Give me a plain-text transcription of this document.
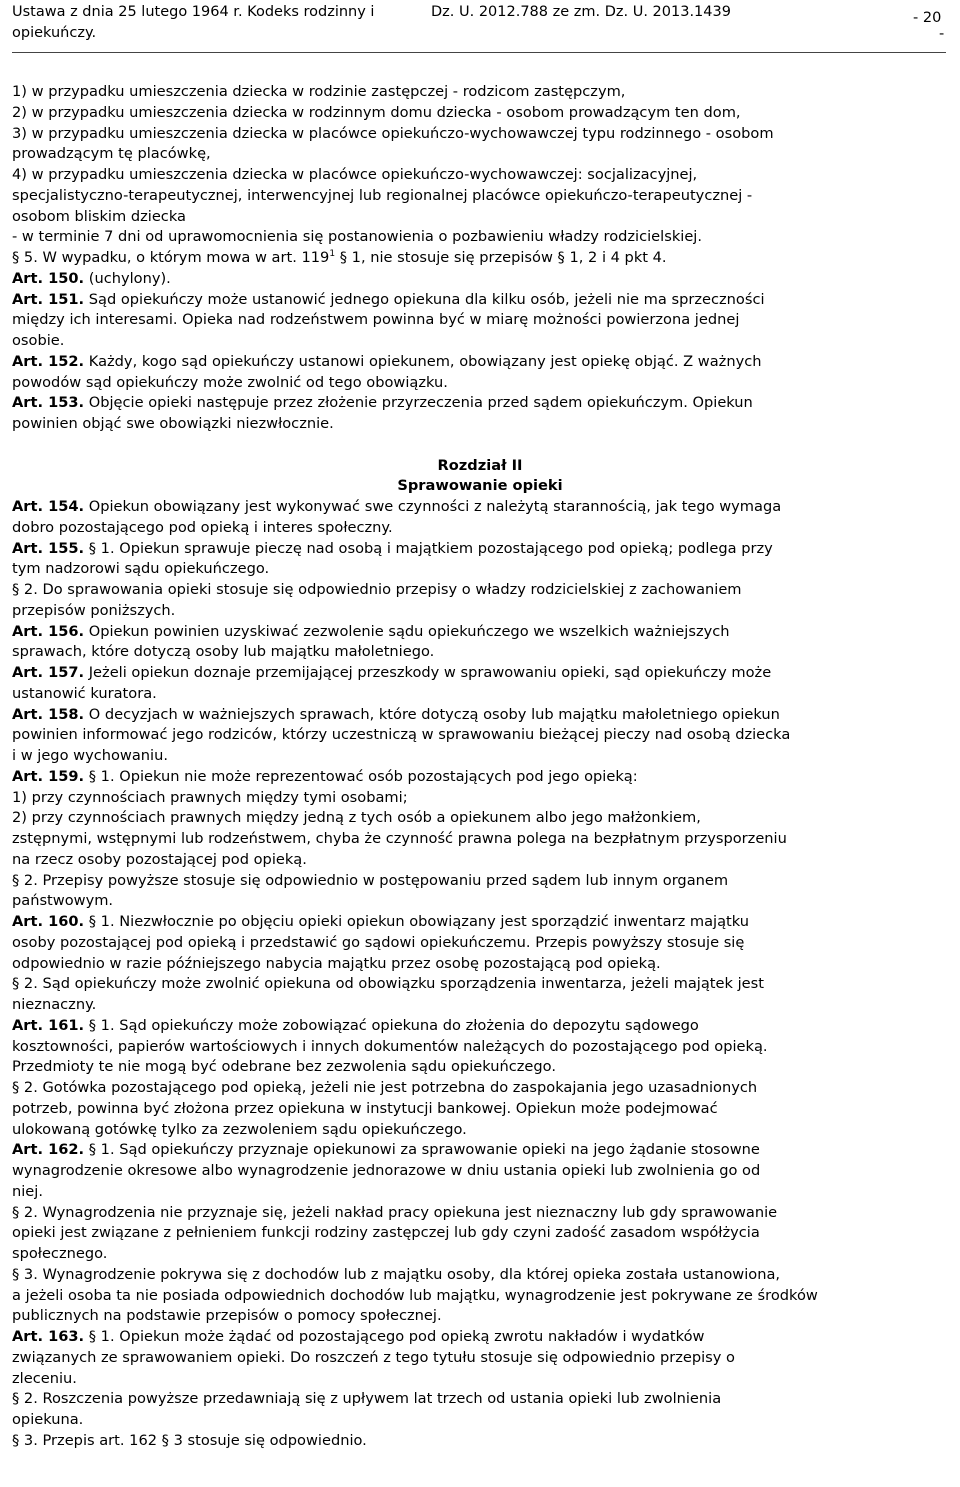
Ustawa z dnia 25 lutego 1964 r. Kodeks rodzinny i
opiekuńczy.
Dz. U. 2012.788 ze zm. Dz. U. 2013.1439	- 20
-
1) w przypadku umieszczenia dziecka w rodzinie zastępczej - rodzicom zastępczym,
2) w przypadku umieszczenia dziecka w rodzinnym domu dziecka - osobom prowadzącym ten dom,
3) w przypadku umieszczenia dziecka w placówce opiekuńczo-wychowawczej typu rodzinnego - osobom
prowadzącym tę placówkę,
4) w przypadku umieszczenia dziecka w placówce opiekuńczo-wychowawczej: socjalizacyjnej,
specjalistyczno-terapeutycznej, interwencyjnej lub regionalnej placówce opiekuńczo-terapeutycznej -
osobom bliskim dziecka
- w terminie 7 dni od uprawomocnienia się postanowienia o pozbawieniu władzy rodzicielskiej.
§ 5. W wypadku, o którym mowa w art. $119^1$ § 1, nie stosuje się przepisów § 1, 2 i 4 pkt 4.
Art. 150. (uchylony).
Art. 151. Sąd opiekuńczy może ustanowić jednego opiekuna dla kilku osób, jeżeli nie ma sprzeczności
między ich interesami. Opieka nad rodzeństwem powinna być w miarę możności powierzona jednej
osobie.
Art. 152. Każdy, kogo sąd opiekuńczy ustanowi opiekunem, obowiązany jest opiekę objąć. Z ważnych
powodów sąd opiekuńczy może zwolnić od tego obowiązku.
Art. 153. Objęcie opieki następuje przez złożenie przyrzeczenia przed sądem opiekuńczym. Opiekun
powinien objąć swe obowiązki niezwłocznie.
Rozdział II
Sprawowanie opieki
Art. 154. Opiekun obowiązany jest wykonywać swe czynności z należytą starannością, jak tego wymaga
dobro pozostającego pod opieką i interes społeczny.
Art. 155. § 1. Opiekun sprawuje pieczę nad osobą i majątkiem pozostającego pod opieką; podlega przy
tym nadzorowi sądu opiekuńczego.
§ 2. Do sprawowania opieki stosuje się odpowiednio przepisy o władzy rodzicielskiej z zachowaniem
przepisów poniższych.
Art. 156. Opiekun powinien uzyskiwać zezwolenie sądu opiekuńczego we wszelkich ważniejszych
sprawach, które dotyczą osoby lub majątku małoletniego.
Art. 157. Jeżeli opiekun doznaje przemijającej przeszkody w sprawowaniu opieki, sąd opiekuńczy może
ustanowić kuratora.
Art. 158. O decyzjach w ważniejszych sprawach, które dotyczą osoby lub majątku małoletniego opiekun
powinien informować jego rodziców, którzy uczestniczą w sprawowaniu bieżącej pieczy nad osobą dziecka
i w jego wychowaniu.
Art. 159. § 1. Opiekun nie może reprezentować osób pozostających pod jego opieką:
1) przy czynnościach prawnych między tymi osobami;
2) przy czynnościach prawnych między jedną z tych osób a opiekunem albo jego małżonkiem,
zstępnymi, wstępnymi lub rodzeństwem, chyba że czynność prawna polega na bezpłatnym przysporzeniu
na rzecz osoby pozostającej pod opieką.
§ 2. Przepisy powyższe stosuje się odpowiednio w postępowaniu przed sądem lub innym organem
państwowym.
Art. 160. § 1. Niezwłocznie po objęciu opieki opiekun obowiązany jest sporządzić inwentarz majątku
osoby pozostającej pod opieką i przedstawić go sądowi opiekuńczemu. Przepis powyższy stosuje się
odpowiednio w razie późniejszego nabycia majątku przez osobę pozostającą pod opieką.
§ 2. Sąd opiekuńczy może zwolnić opiekuna od obowiązku sporządzenia inwentarza, jeżeli majątek jest
nieznaczny.
Art. 161. § 1. Sąd opiekuńczy może zobowiązać opiekuna do złożenia do depozytu sądowego
kosztowności, papierów wartościowych i innych dokumentów należących do pozostającego pod opieką.
Przedmioty te nie mogą być odebrane bez zezwolenia sądu opiekuńczego.
§ 2. Gotówka pozostającego pod opieką, jeżeli nie jest potrzebna do zaspokajania jego uzasadnionych
potrzeb, powinna być złożona przez opiekuna w instytucji bankowej. Opiekun może podejmować
ulokowaną gotówkę tylko za zezwoleniem sądu opiekuńczego.
Art. 162. § 1. Sąd opiekuńczy przyznaje opiekunowi za sprawowanie opieki na jego żądanie stosowne
wynagrodzenie okresowe albo wynagrodzenie jednorazowe w dniu ustania opieki lub zwolnienia go od
niej.
§ 2. Wynagrodzenia nie przyznaje się, jeżeli nakład pracy opiekuna jest nieznaczny lub gdy sprawowanie
opieki jest związane z pełnieniem funkcji rodziny zastępczej lub gdy czyni zadość zasadom współżycia
społecznego.
§ 3. Wynagrodzenie pokrywa się z dochodów lub z majątku osoby, dla której opieka została ustanowiona,
a jeżeli osoba ta nie posiada odpowiednich dochodów lub majątku, wynagrodzenie jest pokrywane ze środków
publicznych na podstawie przepisów o pomocy społecznej.
Art. 163. § 1. Opiekun może żądać od pozostającego pod opieką zwrotu nakładów i wydatków
związanych ze sprawowaniem opieki. Do roszczeń z tego tytułu stosuje się odpowiednio przepisy o
zleceniu.
§ 2. Roszczenia powyższe przedawniają się z upływem lat trzech od ustania opieki lub zwolnienia
opiekuna.
§ 3. Przepis art. 162 § 3 stosuje się odpowiednio.
